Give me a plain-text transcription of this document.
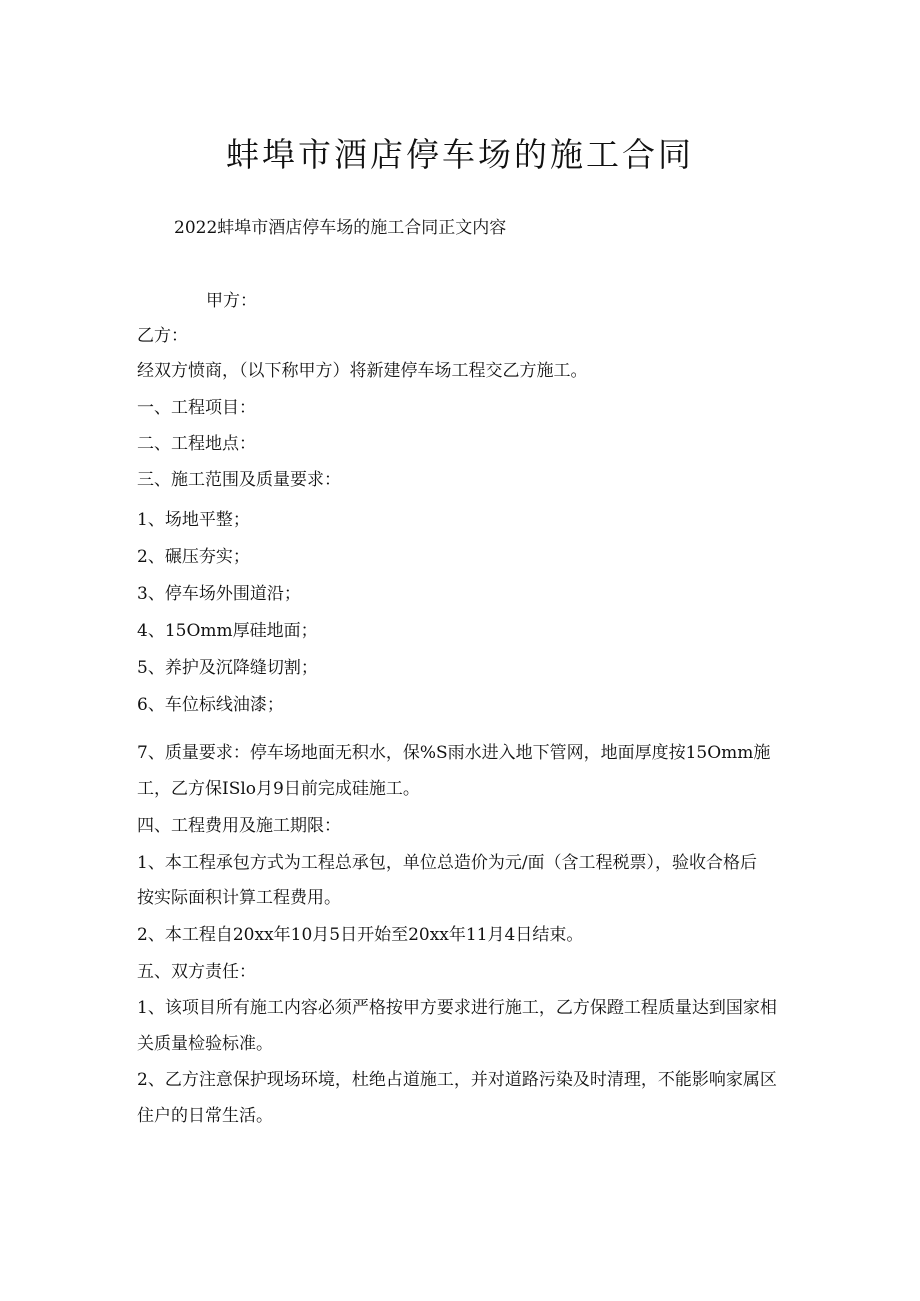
蚌埠市酒店停车场的施工合同
2022蚌埠市酒店停车场的施工合同正文内容
甲方：
乙方：
经双方愤商，（以下称甲方）将新建停车场工程交乙方施工。
一、工程项目：
二、工程地点：
三、施工范围及质量要求：
1、场地平整；
2、碾压夯实；
3、停车场外围道沿；
4、15Omm厚硅地面；
5、养护及沉降缝切割；
6、车位标线油漆；
7、质量要求：停车场地面无积水，保%S雨水进入地下管网，地面厚度按15Omm施
工，乙方保ISlo月9日前完成硅施工。
四、工程费用及施工期限：
1、本工程承包方式为工程总承包，单位总造价为元/面（含工程税票），验收合格后
按实际面积计算工程费用。
2、本工程自20xx年10月5日开始至20xx年11月4日结束。
五、双方责任：
1、该项目所有施工内容必须严格按甲方要求进行施工，乙方保蹬工程质量达到国家相
关质量检验标准。
2、乙方注意保护现场环境，杜绝占道施工，并对道路污染及时清理，不能影响家属区
住户的日常生活。
